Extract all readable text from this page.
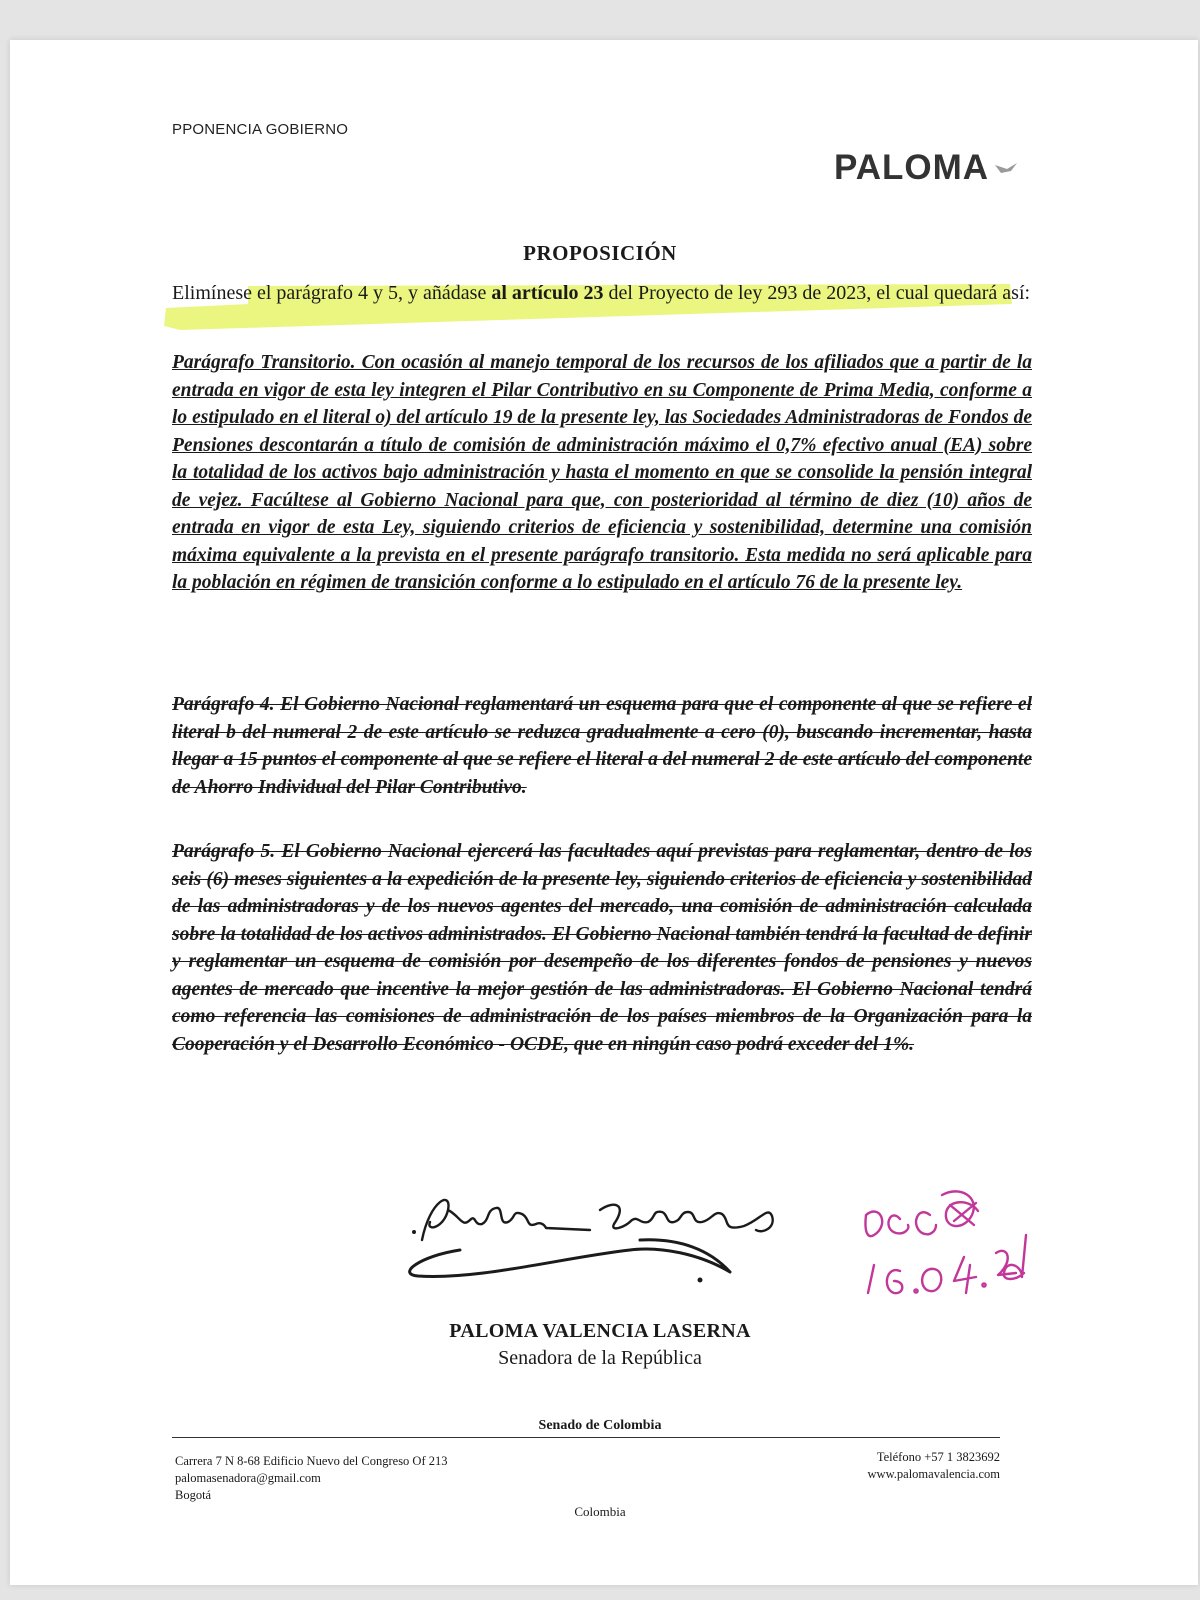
PPONENCIA GOBIERNO
PALOMA
PROPOSICIÓN
Elimínese el parágrafo 4 y 5, y añádase al artículo 23 del Proyecto de ley 293 de 2023, el cual quedará así:
Parágrafo Transitorio. Con ocasión al manejo temporal de los recursos de los afiliados que a partir de la entrada en vigor de esta ley integren el Pilar Contributivo en su Componente de Prima Media, conforme a lo estipulado en el literal o) del artículo 19 de la presente ley, las Sociedades Administradoras de Fondos de Pensiones descontarán a título de comisión de administración máximo el 0,7% efectivo anual (EA) sobre la totalidad de los activos bajo administración y hasta el momento en que se consolide la pensión integral de vejez. Facúltese al Gobierno Nacional para que, con posterioridad al término de diez (10) años de entrada en vigor de esta Ley, siguiendo criterios de eficiencia y sostenibilidad, determine una comisión máxima equivalente a la prevista en el presente parágrafo transitorio. Esta medida no será aplicable para la población en régimen de transición conforme a lo estipulado en el artículo 76 de la presente ley.
Parágrafo 4. El Gobierno Nacional reglamentará un esquema para que el componente al que se refiere el literal b del numeral 2 de este artículo se reduzca gradualmente a cero (0), buscando incrementar, hasta llegar a 15 puntos el componente al que se refiere el literal a del numeral 2 de este artículo del componente de Ahorro Individual del Pilar Contributivo.
Parágrafo 5. El Gobierno Nacional ejercerá las facultades aquí previstas para reglamentar, dentro de los seis (6) meses siguientes a la expedición de la presente ley, siguiendo criterios de eficiencia y sostenibilidad de las administradoras y de los nuevos agentes del mercado, una comisión de administración calculada sobre la totalidad de los activos administrados. El Gobierno Nacional también tendrá la facultad de definir y reglamentar un esquema de comisión por desempeño de los diferentes fondos de pensiones y nuevos agentes de mercado que incentive la mejor gestión de las administradoras. El Gobierno Nacional tendrá como referencia las comisiones de administración de los países miembros de la Organización para la Cooperación y el Desarrollo Económico - OCDE, que en ningún caso podrá exceder del 1%.
PALOMA VALENCIA LASERNA
Senadora de la República
Senado de Colombia
Carrera 7 N 8-68 Edificio Nuevo del Congreso Of 213
palomasenadora@gmail.com
Bogotá
Teléfono +57 1 3823692
www.palomavalencia.com
Colombia
